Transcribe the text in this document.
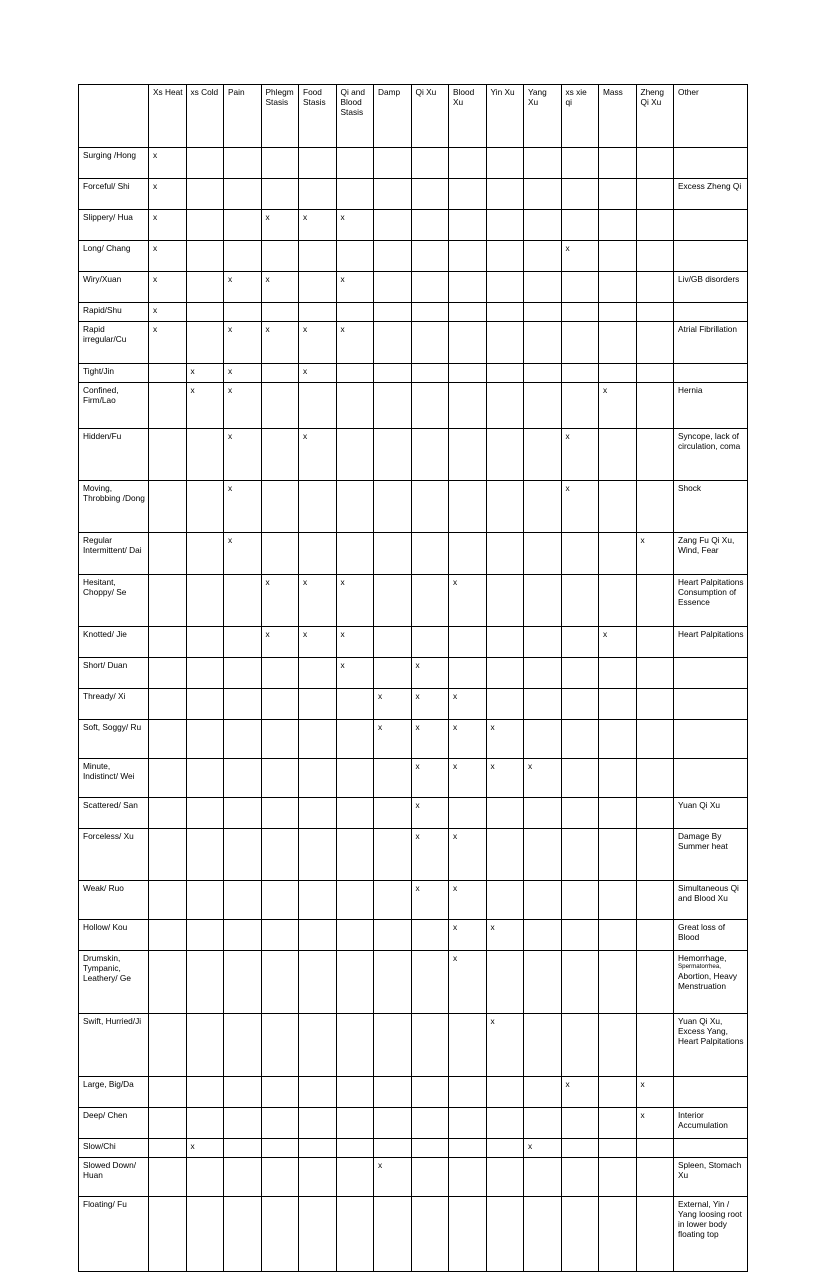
	Xs Heat	xs Cold	Pain	Phlegm Stasis	Food Stasis	Qi and Blood Stasis	Damp	Qi Xu	Blood Xu	Yin Xu	Yang Xu	xs xie qi	Mass	Zheng Qi Xu	Other
Surging /Hong	x														
Forceful/ Shi	x														Excess Zheng Qi
Slippery/ Hua	x			x	x	x									
Long/ Chang	x											x			
Wiry/Xuan	x		x	x		x									Liv/GB disorders
Rapid/Shu	x														
Rapid irregular/Cu	x		x	x	x	x									Atrial Fibrillation
Tight/Jin		x	x		x										
Confined, Firm/Lao		x	x										x		Hernia
Hidden/Fu			x		x							x			Syncope, lack of circulation, coma
Moving, Throbbing /Dong			x									x			Shock
Regular Intermittent/ Dai			x											x	Zang Fu Qi Xu, Wind, Fear
Hesitant, Choppy/ Se				x	x	x			x						Heart Palpitations Consumption of Essence
Knotted/ Jie				x	x	x							x		Heart Palpitations
Short/ Duan						x		x							
Thready/ Xi							x	x	x						
Soft, Soggy/ Ru							x	x	x	x					
Minute, Indistinct/ Wei								x	x	x	x				
Scattered/ San								x							Yuan Qi Xu
Forceless/ Xu								x	x						Damage By Summer heat
Weak/ Ruo								x	x						Simultaneous Qi and Blood Xu
Hollow/ Kou									x	x					Great loss of Blood
Drumskin, Tympanic, Leathery/ Ge									x						Hemorrhage,
Spermatorrhea,
Abortion, Heavy Menstruation
Swift, Hurried/Ji										x					Yuan Qi Xu, Excess Yang, Heart Palpitations
Large, Big/Da												x		x	
Deep/ Chen														x	Interior Accumulation
Slow/Chi		x									x				
Slowed Down/ Huan							x								Spleen, Stomach Xu
Floating/ Fu															External, Yin / Yang loosing root in lower body floating top
